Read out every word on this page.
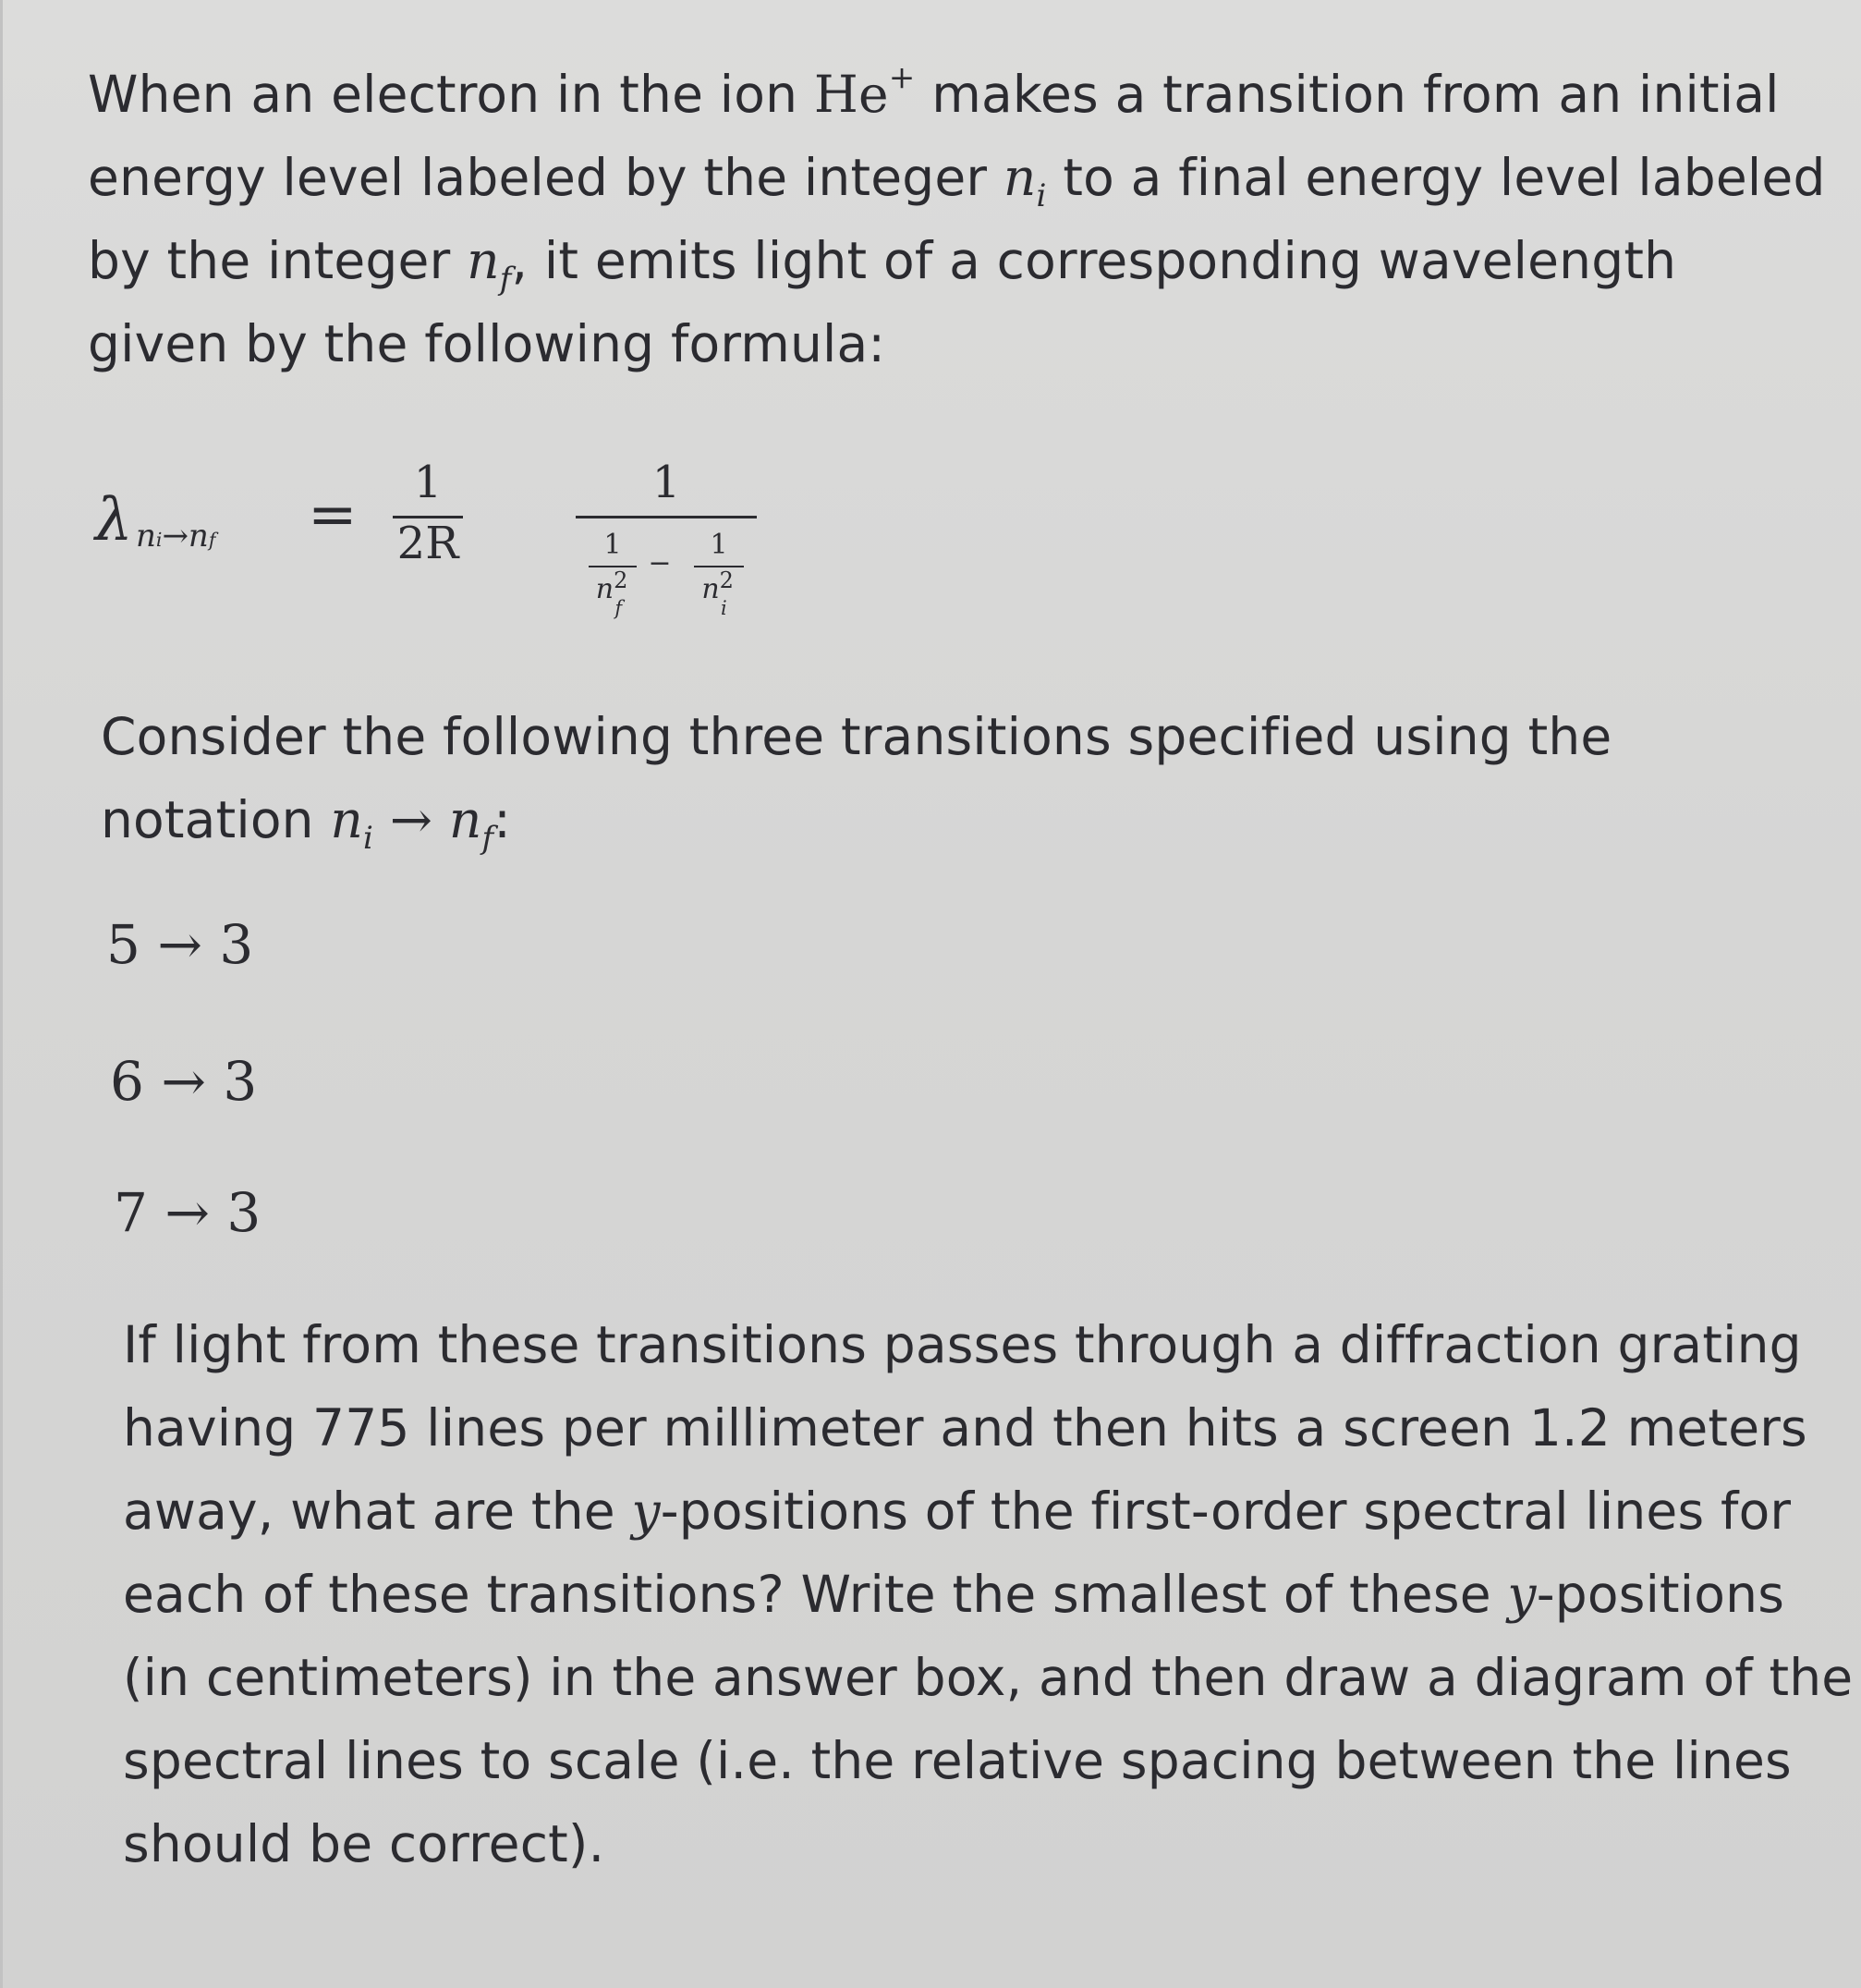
When an electron in the ion He+ makes a transition from an initial
energy level labeled by the integer $n_i$ to a final energy level labeled
by the integer $n_f$, it emits light of a corresponding wavelength
given by the following formula:

λ ni→nf =	1
2R
1
1
$n^2_f$
−
1
$n^2_i$

Consider the following three transitions specified using the
notation $n_i \to n_f$:

5 → 3
6 → 3
7 → 3

If light from these transitions passes through a diffraction grating
having 775 lines per millimeter and then hits a screen 1.2 meters
away, what are the y-positions of the first-order spectral lines for
each of these transitions? Write the smallest of these y-positions
(in centimeters) in the answer box, and then draw a diagram of the
spectral lines to scale (i.e. the relative spacing between the lines
should be correct).
